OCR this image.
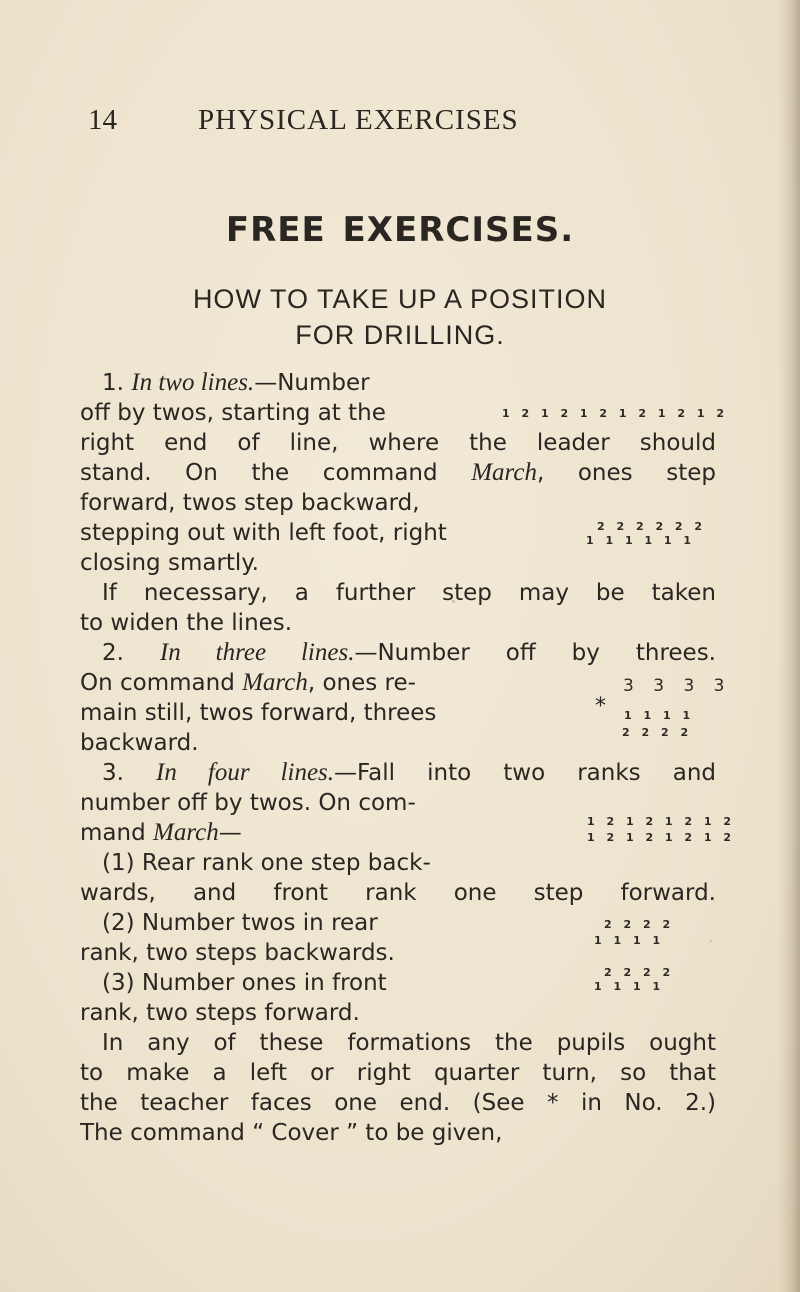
14	PHYSICAL EXERCISES
FREE EXERCISES.
HOW TO TAKE UP A POSITION
FOR DRILLING.
1. In two lines.—Number
off by twos, starting at the	1 2 1 2 1 2 1 2 1 2 1 2
right end of line, where the leader should
stand. On the command March, ones step
forward, twos step backward,
stepping out with left foot, right	2 2 2 2 2 2
1 1 1 1 1 1
closing smartly.
If necessary, a further step may be taken
to widen the lines.
2. In three lines.—Number off by threes.
On command March, ones re-	3 3 3 3
main still, twos forward, threes	* 1 1 1 1
backward.	2 2 2 2
3. In four lines.—Fall into two ranks and
number off by twos. On com-
mand March—	1 2 1 2 1 2 1 2
1 2 1 2 1 2 1 2
(1) Rear rank one step back-
wards, and front rank one step forward.
(2) Number twos in rear	2 2 2 2
rank, two steps backwards.	1 1 1 1
(3) Number ones in front	2 2 2 2
1 1 1 1
rank, two steps forward.
In any of these formations the pupils ought
to make a left or right quarter turn, so that
the teacher faces one end. (See * in No. 2.)
The command “ Cover ” to be given,
